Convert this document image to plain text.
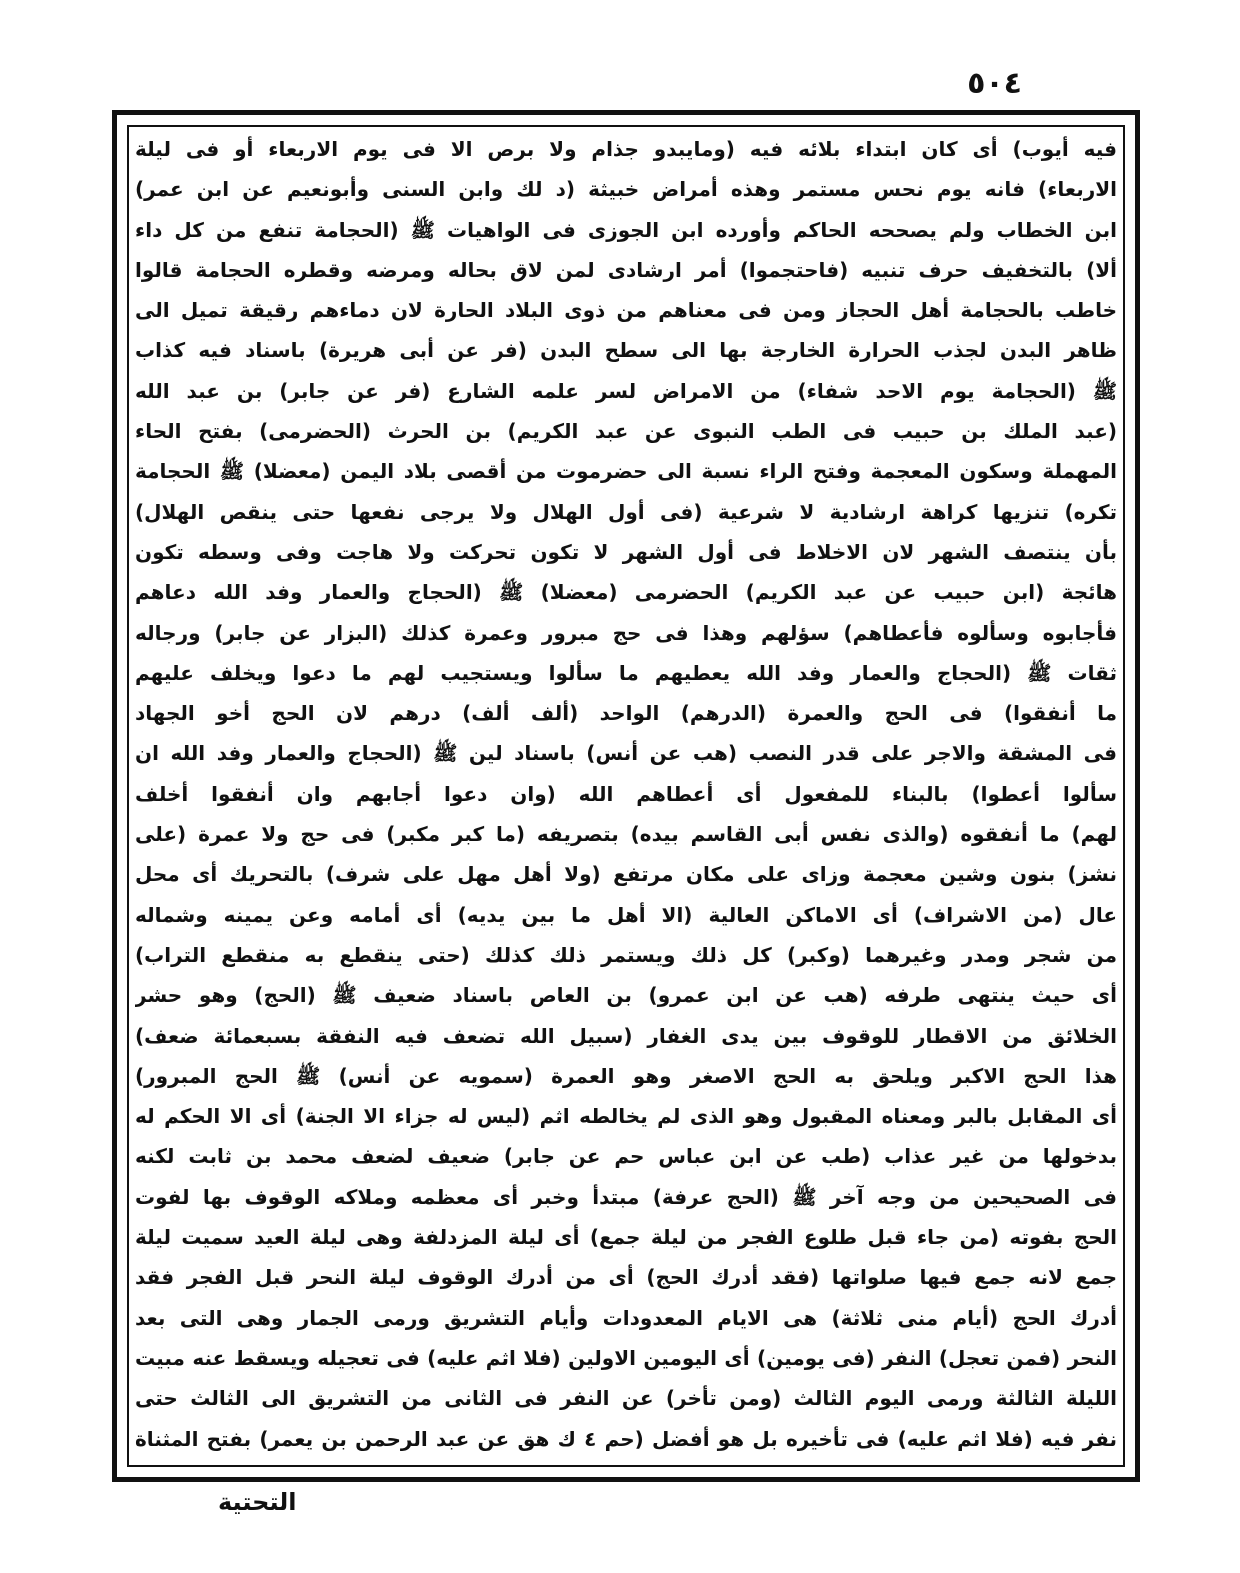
٥٠٤
فيه أيوب) أى كان ابتداء بلائه فيه (ومايبدو جذام ولا برص الا فى يوم الاربعاء أو فى ليلة
الاربعاء) فانه يوم نحس مستمر وهذه أمراض خبيثة (د لك وابن السنى وأبونعيم عن ابن عمر)
ابن الخطاب ولم يصححه الحاكم وأورده ابن الجوزى فى الواهيات ﷺ (الحجامة تنفع من كل داء
ألا) بالتخفيف حرف تنبيه (فاحتجموا) أمر ارشادى لمن لاق بحاله ومرضه وقطره الحجامة قالوا
خاطب بالحجامة أهل الحجاز ومن فى معناهم من ذوى البلاد الحارة لان دماءهم رقيقة تميل الى
ظاهر البدن لجذب الحرارة الخارجة بها الى سطح البدن (فر عن أبى هريرة) باسناد فيه كذاب
ﷺ (الحجامة يوم الاحد شفاء) من الامراض لسر علمه الشارع (فر عن جابر) بن عبد الله
(عبد الملك بن حبيب فى الطب النبوى عن عبد الكريم) بن الحرث (الحضرمى) بفتح الحاء
المهملة وسكون المعجمة وفتح الراء نسبة الى حضرموت من أقصى بلاد اليمن (معضلا) ﷺ الحجامة
تكره) تنزيها كراهة ارشادية لا شرعية (فى أول الهلال ولا يرجى نفعها حتى ينقص الهلال)
بأن ينتصف الشهر لان الاخلاط فى أول الشهر لا تكون تحركت ولا هاجت وفى وسطه تكون
هائجة (ابن حبيب عن عبد الكريم) الحضرمى (معضلا) ﷺ (الحجاج والعمار وفد الله دعاهم
فأجابوه وسألوه فأعطاهم) سؤلهم وهذا فى حج مبرور وعمرة كذلك (البزار عن جابر) ورجاله
ثقات ﷺ (الحجاج والعمار وفد الله يعطيهم ما سألوا ويستجيب لهم ما دعوا ويخلف عليهم
ما أنفقوا) فى الحج والعمرة (الدرهم) الواحد (ألف ألف) درهم لان الحج أخو الجهاد
فى المشقة والاجر على قدر النصب (هب عن أنس) باسناد لين ﷺ (الحجاج والعمار وفد الله ان
سألوا أعطوا) بالبناء للمفعول أى أعطاهم الله (وان دعوا أجابهم وان أنفقوا أخلف
لهم) ما أنفقوه (والذى نفس أبى القاسم بيده) بتصريفه (ما كبر مكبر) فى حج ولا عمرة (على
نشز) بنون وشين معجمة وزاى على مكان مرتفع (ولا أهل مهل على شرف) بالتحريك أى محل
عال (من الاشراف) أى الاماكن العالية (الا أهل ما بين يديه) أى أمامه وعن يمينه وشماله
من شجر ومدر وغيرهما (وكبر) كل ذلك ويستمر ذلك كذلك (حتى ينقطع به منقطع التراب)
أى حيث ينتهى طرفه (هب عن ابن عمرو) بن العاص باسناد ضعيف ﷺ (الحج) وهو حشر
الخلائق من الاقطار للوقوف بين يدى الغفار (سبيل الله تضعف فيه النفقة بسبعمائة ضعف)
هذا الحج الاكبر ويلحق به الحج الاصغر وهو العمرة (سمويه عن أنس) ﷺ الحج المبرور)
أى المقابل بالبر ومعناه المقبول وهو الذى لم يخالطه اثم (ليس له جزاء الا الجنة) أى الا الحكم له
بدخولها من غير عذاب (طب عن ابن عباس حم عن جابر) ضعيف لضعف محمد بن ثابت لكنه
فى الصحيحين من وجه آخر ﷺ (الحج عرفة) مبتدأ وخبر أى معظمه وملاكه الوقوف بها لفوت
الحج بفوته (من جاء قبل طلوع الفجر من ليلة جمع) أى ليلة المزدلفة وهى ليلة العيد سميت ليلة
جمع لانه جمع فيها صلواتها (فقد أدرك الحج) أى من أدرك الوقوف ليلة النحر قبل الفجر فقد
أدرك الحج (أيام منى ثلاثة) هى الايام المعدودات وأيام التشريق ورمى الجمار وهى التى بعد
النحر (فمن تعجل) النفر (فى يومين) أى اليومين الاولين (فلا اثم عليه) فى تعجيله ويسقط عنه مبيت
الليلة الثالثة ورمى اليوم الثالث (ومن تأخر) عن النفر فى الثانى من التشريق الى الثالث حتى
نفر فيه (فلا اثم عليه) فى تأخيره بل هو أفضل (حم ٤ ك هق عن عبد الرحمن بن يعمر) بفتح المثناة
التحتية
